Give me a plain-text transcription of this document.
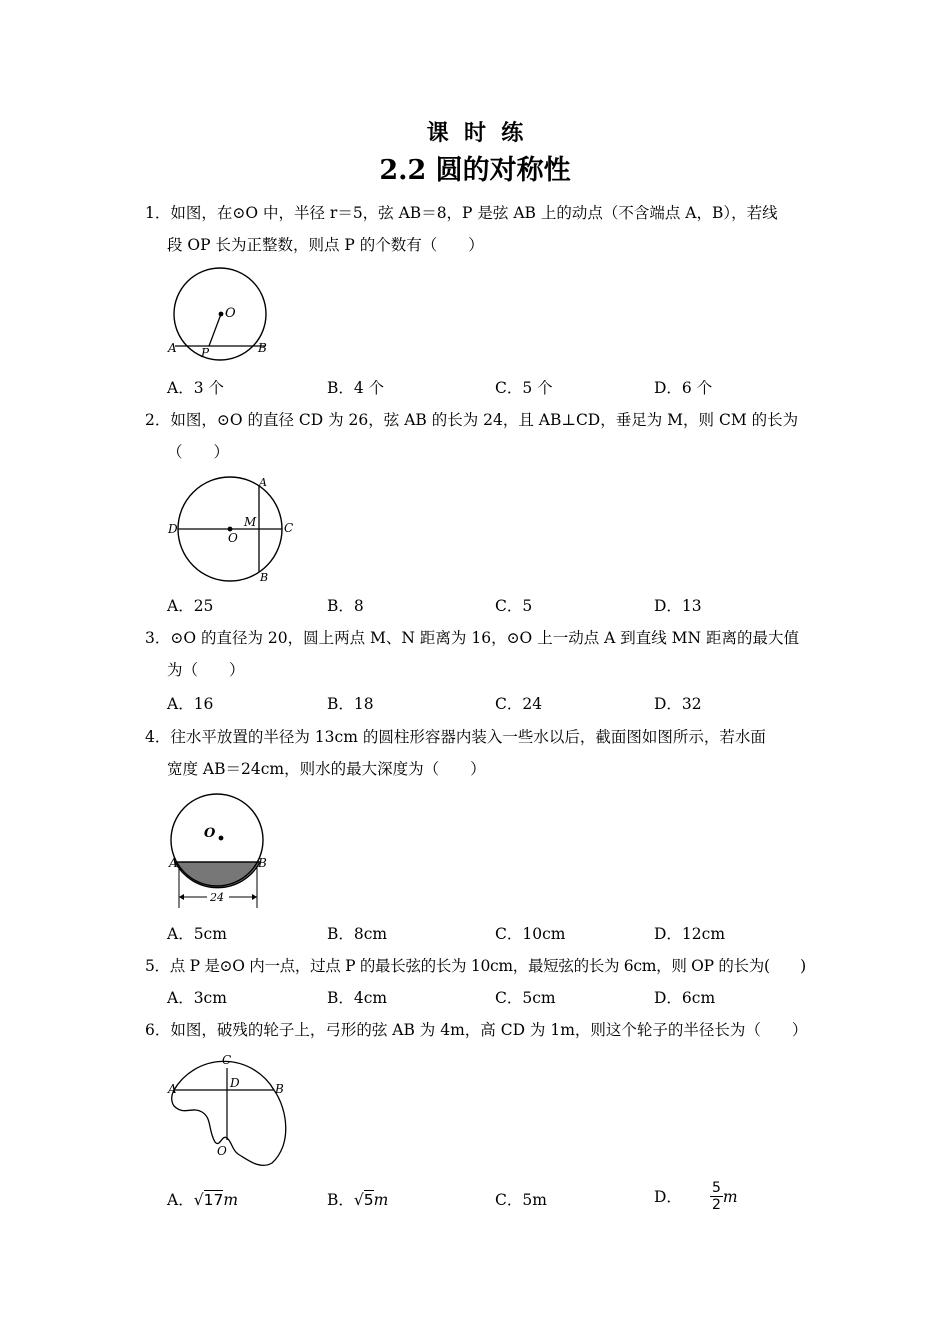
课  时  练
2.2 圆的对称性
1．如图，在⊙O 中，半径 r＝5，弦 AB＝8，P 是弦 AB 上的动点（不含端点 A，B），若线
段 OP 长为正整数，则点 P 的个数有（　　）
O
A P	B
A．3 个	B．4 个	C．5 个	D．6 个
2．如图，⊙O 的直径 CD 为 26，弦 AB 的长为 24，且 AB⊥CD，垂足为 M，则 CM 的长为
（　　）
A
B
C
D	M
O
A．25	B．8	C．5	D．13
3．⊙O 的直径为 20，圆上两点 M、N 距离为 16，⊙O 上一动点 A 到直线 MN 距离的最大值
为（　　）
A．16	B．18	C．24	D．32
4．往水平放置的半径为 13cm 的圆柱形容器内装入一些水以后，截面图如图所示，若水面
宽度 AB＝24cm，则水的最大深度为（　　）
O
A	B
24
A．5cm	B．8cm	C．10cm	D．12cm
5．点 P 是⊙O 内一点，过点 P 的最长弦的长为 10cm，最短弦的长为 6cm，则 OP 的长为(　　)
A．3cm	B．4cm	C．5cm	D．6cm
6．如图，破残的轮子上，弓形的弦 AB 为 4m，高 CD 为 1m，则这个轮子的半径长为（　　）
C
D
A	B
O
A．√17m	B．√5m	C．5m	D． $\frac{5}{2}$ m
